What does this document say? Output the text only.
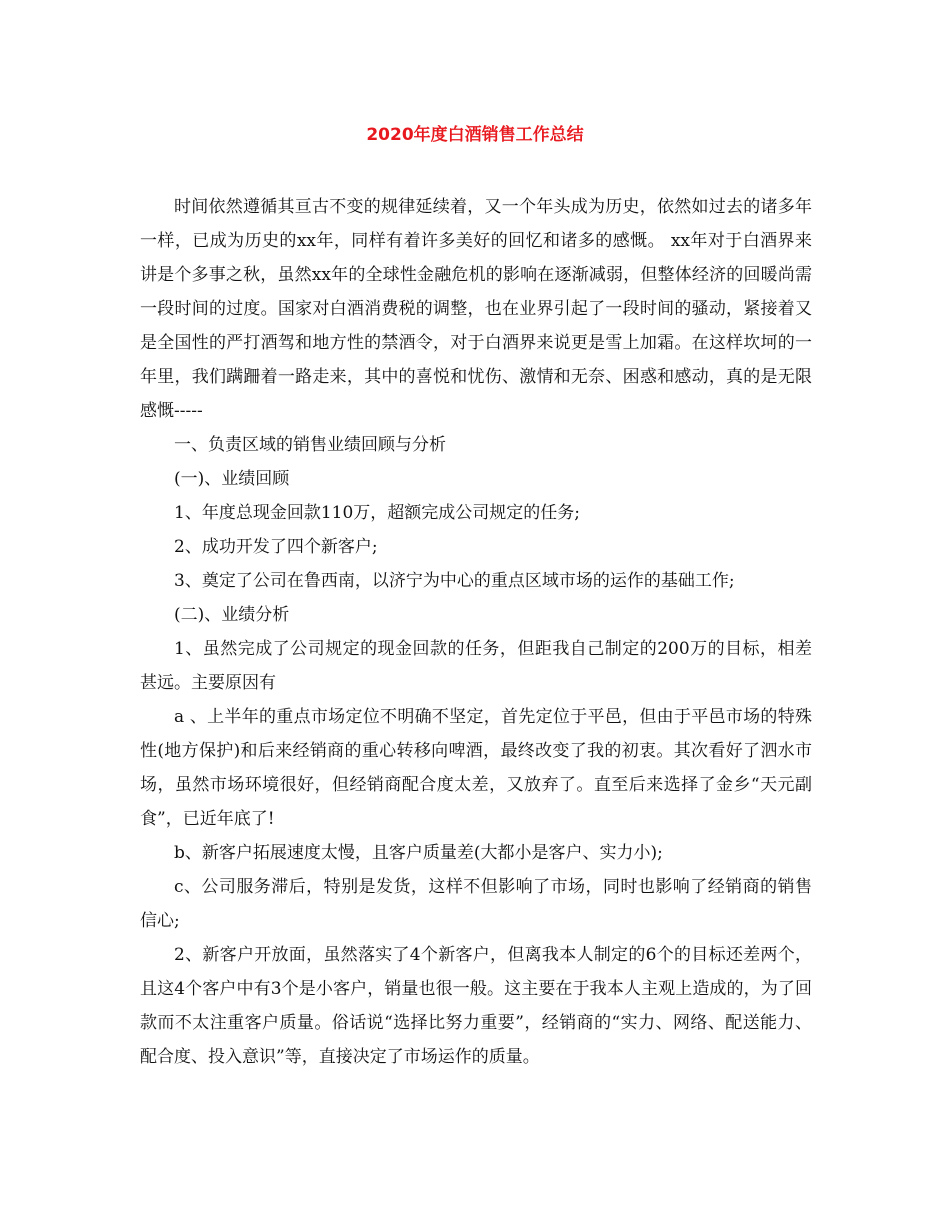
2020年度白酒销售工作总结

时间依然遵循其亘古不变的规律延续着，又一个年头成为历史，依然如过去的诸多年一样，已成为历史的xx年，同样有着许多美好的回忆和诸多的感慨。 xx年对于白酒界来讲是个多事之秋，虽然xx年的全球性金融危机的影响在逐渐减弱，但整体经济的回暖尚需一段时间的过度。国家对白酒消费税的调整，也在业界引起了一段时间的骚动，紧接着又是全国性的严打酒驾和地方性的禁酒令，对于白酒界来说更是雪上加霜。在这样坎坷的一年里，我们蹒跚着一路走来，其中的喜悦和忧伤、激情和无奈、困惑和感动，真的是无限感慨-----

一、负责区域的销售业绩回顾与分析

(一)、业绩回顾

1、年度总现金回款110万，超额完成公司规定的任务;

2、成功开发了四个新客户;

3、奠定了公司在鲁西南，以济宁为中心的重点区域市场的运作的基础工作;

(二)、业绩分析

1、虽然完成了公司规定的现金回款的任务，但距我自己制定的200万的目标，相差甚远。主要原因有

a 、上半年的重点市场定位不明确不坚定，首先定位于平邑，但由于平邑市场的特殊性(地方保护)和后来经销商的重心转移向啤酒，最终改变了我的初衷。其次看好了泗水市场，虽然市场环境很好，但经销商配合度太差，又放弃了。直至后来选择了金乡“天元副食”，已近年底了!

b、新客户拓展速度太慢，且客户质量差(大都小是客户、实力小);

c、公司服务滞后，特别是发货，这样不但影响了市场，同时也影响了经销商的销售信心;

2、新客户开放面，虽然落实了4个新客户，但离我本人制定的6个的目标还差两个，且这4个客户中有3个是小客户，销量也很一般。这主要在于我本人主观上造成的，为了回款而不太注重客户质量。俗话说“选择比努力重要”，经销商的“实力、网络、配送能力、配合度、投入意识”等，直接决定了市场运作的质量。
